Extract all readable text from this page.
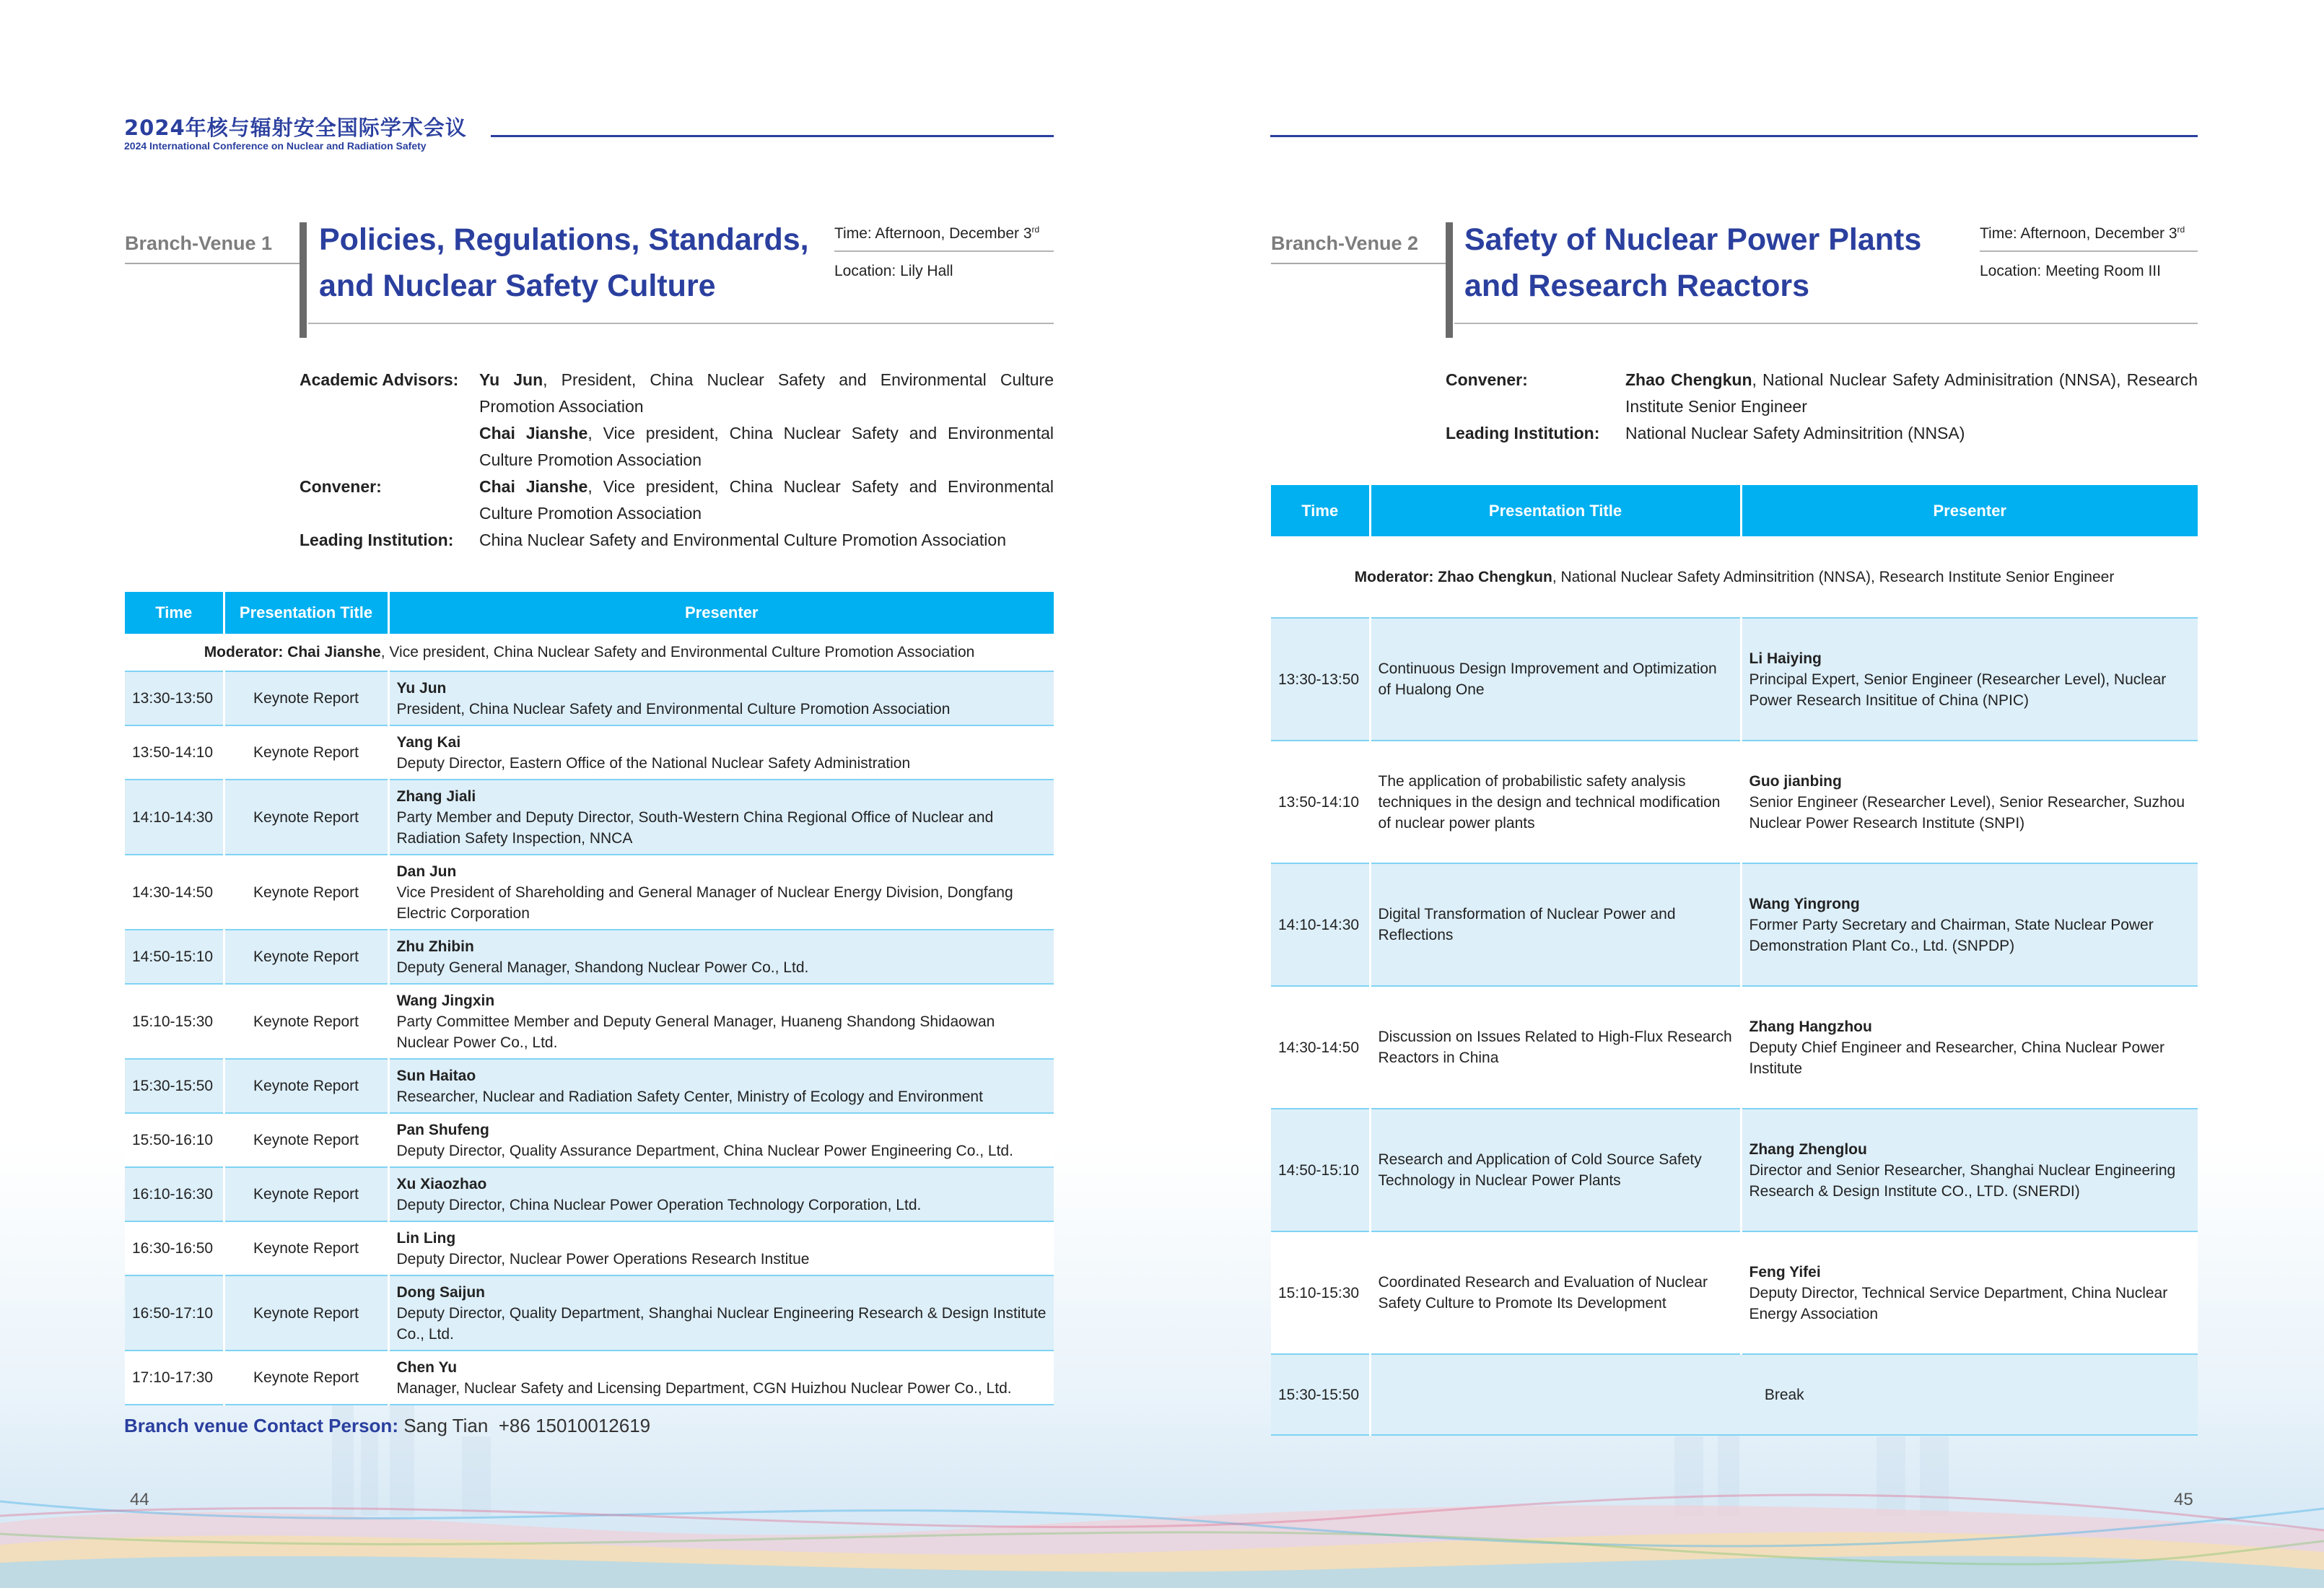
2024年核与辐射安全国际学术会议
2024 International Conference on Nuclear and Radiation Safety
Branch-Venue 1 Policies, Regulations, Standards,
and Nuclear Safety Culture
Time: Afternoon, December 3rd
Location: Lily Hall
Academic Advisors: Yu Jun, President, China Nuclear Safety and Environmental Culture Promotion Association
Chai Jianshe, Vice president, China Nuclear Safety and Environmental Culture Promotion Association
Convener:	Chai Jianshe, Vice president, China Nuclear Safety and Environmental Culture Promotion Association
Leading Institution: China Nuclear Safety and Environmental Culture Promotion Association
Time	Presentation Title	Presenter
Moderator: Chai Jianshe, Vice president, China Nuclear Safety and Environmental Culture Promotion Association		
13:30-13:50	Keynote Report	Yu Jun
President, China Nuclear Safety and Environmental Culture Promotion Association

13:50-14:10	Keynote Report	Yang Kai
Deputy Director, Eastern Office of the National Nuclear Safety Administration

14:10-14:30	Keynote Report	Zhang Jiali
Party Member and Deputy Director, South-Western China Regional Office of Nuclear and Radiation Safety Inspection, NNCA

14:30-14:50	Keynote Report	Dan Jun
Vice President of Shareholding and General Manager of Nuclear Energy Division, Dongfang Electric Corporation

14:50-15:10	Keynote Report	Zhu Zhibin
Deputy General Manager, Shandong Nuclear Power Co., Ltd.

15:10-15:30	Keynote Report	Wang Jingxin
Party Committee Member and Deputy General Manager, Huaneng Shandong Shidaowan Nuclear Power Co., Ltd.

15:30-15:50	Keynote Report	Sun Haitao
Researcher, Nuclear and Radiation Safety Center, Ministry of Ecology and Environment

15:50-16:10	Keynote Report	Pan Shufeng
Deputy Director, Quality Assurance Department, China Nuclear Power Engineering Co., Ltd.

16:10-16:30	Keynote Report	Xu Xiaozhao
Deputy Director, China Nuclear Power Operation Technology Corporation, Ltd.

16:30-16:50	Keynote Report	Lin Ling
Deputy Director, Nuclear Power Operations Research Institue

16:50-17:10	Keynote Report	Dong Saijun
Deputy Director, Quality Department, Shanghai Nuclear Engineering Research & Design Institute Co., Ltd.

17:10-17:30	Keynote Report	Chen Yu
Manager, Nuclear Safety and Licensing Department, CGN Huizhou Nuclear Power Co., Ltd.
Branch venue Contact Person: Sang Tian  +86 15010012619
44
Branch-Venue 2 Safety of Nuclear Power Plants
and Research Reactors
Time: Afternoon, December 3rd
Location: Meeting Room III
Convener:	Zhao Chengkun, National Nuclear Safety Adminisitration (NNSA), Research Institute Senior Engineer
Leading Institution: National Nuclear Safety Adminsitrition (NNSA)
Time	Presentation Title	Presenter
Moderator: Zhao Chengkun, National Nuclear Safety Adminsitrition (NNSA), Research Institute Senior Engineer		
13:30-13:50	Continuous Design Improvement and Optimization of Hualong One	Li Haiying
Principal Expert, Senior Engineer (Researcher Level), Nuclear Power Research Insititue of China (NPIC)

13:50-14:10	The application of probabilistic safety analysis techniques in the design and technical modification of nuclear power plants	Guo jianbing
Senior Engineer (Researcher Level), Senior Researcher, Suzhou Nuclear Power Research Institute (SNPI)

14:10-14:30	Digital Transformation of Nuclear Power and Reflections	Wang Yingrong
Former Party Secretary and Chairman, State Nuclear Power Demonstration Plant Co., Ltd. (SNPDP)

14:30-14:50	Discussion on Issues Related to High-Flux Research Reactors in China	Zhang Hangzhou
Deputy Chief Engineer and Researcher, China Nuclear Power Institute

14:50-15:10	Research and Application of Cold Source Safety Technology in Nuclear Power Plants	Zhang Zhenglou
Director and Senior Researcher, Shanghai Nuclear Engineering Research & Design Institute CO., LTD. (SNERDI)

15:10-15:30	Coordinated Research and Evaluation of Nuclear Safety Culture to Promote Its Development	Feng Yifei
Deputy Director, Technical Service Department, China Nuclear Energy Association

15:30-15:50	Break	
45
